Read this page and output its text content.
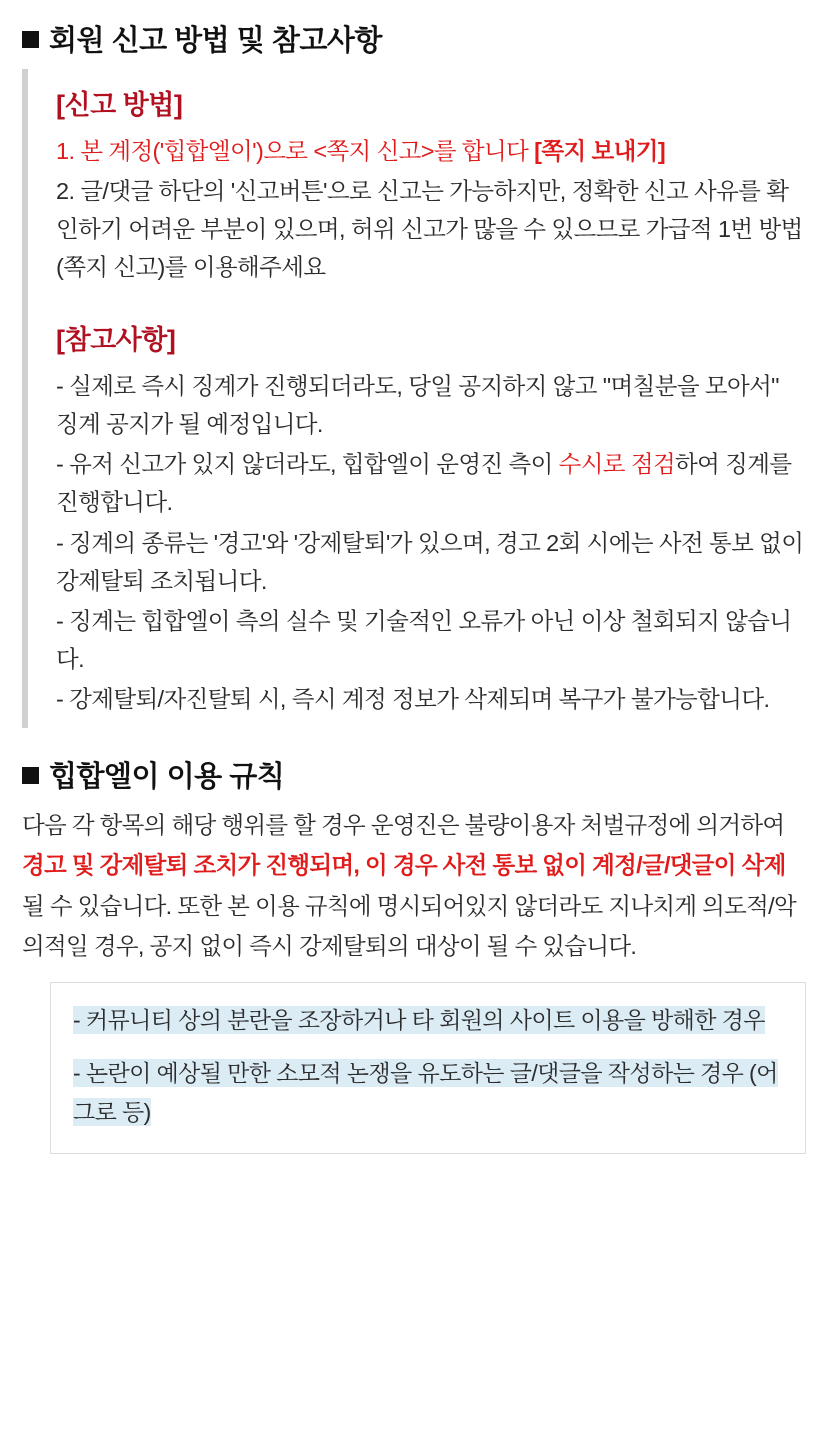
회원 신고 방법 및 참고사항
[신고 방법]

1. 본 계정('힙합엘이')으로 <쪽지 신고>를 합니다 [쪽지 보내기]

2. 글/댓글 하단의 '신고버튼'으로 신고는 가능하지만, 정확한 신고 사유를 확인하기 어려운 부분이 있으며, 허위 신고가 많을 수 있으므로 가급적 1번 방법(쪽지 신고)를 이용해주세요

[참고사항]

- 실제로 즉시 징계가 진행되더라도, 당일 공지하지 않고 "며칠분을 모아서" 징계 공지가 될 예정입니다.

- 유저 신고가 있지 않더라도, 힙합엘이 운영진 측이 수시로 점검하여 징계를 진행합니다.

- 징계의 종류는 '경고'와 '강제탈퇴'가 있으며, 경고 2회 시에는 사전 통보 없이 강제탈퇴 조치됩니다.

- 징계는 힙합엘이 측의 실수 및 기술적인 오류가 아닌 이상 철회되지 않습니다.

- 강제탈퇴/자진탈퇴 시, 즉시 계정 정보가 삭제되며 복구가 불가능합니다.

힙합엘이 이용 규칙

다음 각 항목의 해당 행위를 할 경우 운영진은 불량이용자 처벌규정에 의거하여 경고 및 강제탈퇴 조치가 진행되며, 이 경우 사전 통보 없이 계정/글/댓글이 삭제 될 수 있습니다. 또한 본 이용 규칙에 명시되어있지 않더라도 지나치게 의도적/악의적일 경우, 공지 없이 즉시 강제탈퇴의 대상이 될 수 있습니다.

- 커뮤니티 상의 분란을 조장하거나 타 회원의 사이트 이용을 방해한 경우

- 논란이 예상될 만한 소모적 논쟁을 유도하는 글/댓글을 작성하는 경우 (어그로 등)
